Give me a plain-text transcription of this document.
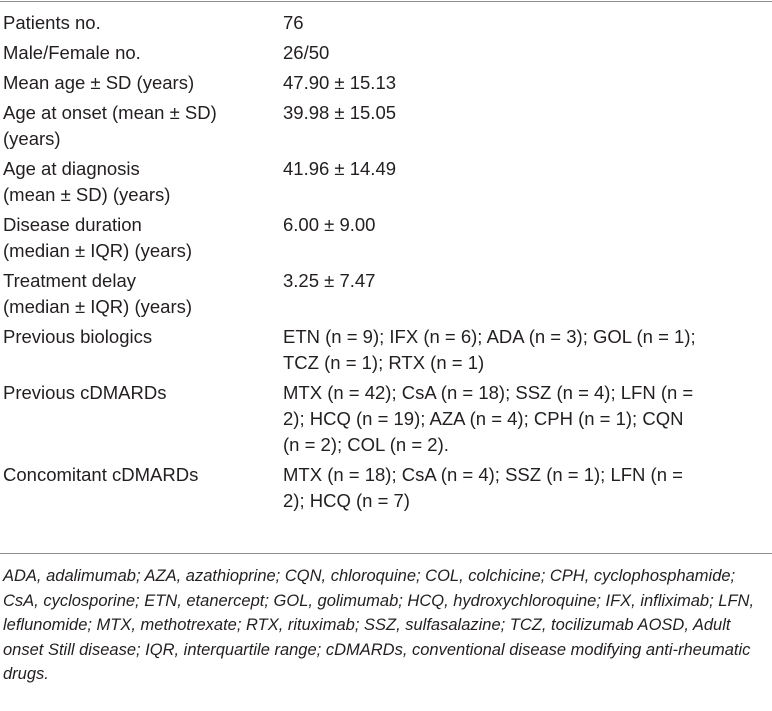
Patients no.	76
Male/Female no.	26/50
Mean age ± SD (years)	47.90 ± 15.13
Age at onset (mean ± SD)
(years)	39.98 ± 15.05
Age at diagnosis
(mean ± SD) (years)	41.96 ± 14.49
Disease duration
(median ± IQR) (years)	6.00 ± 9.00
Treatment delay
(median ± IQR) (years)	3.25 ± 7.47
Previous biologics	ETN (n = 9); IFX (n = 6); ADA (n = 3); GOL (n = 1);
TCZ (n = 1); RTX (n = 1)
Previous cDMARDs	MTX (n = 42); CsA (n = 18); SSZ (n = 4); LFN (n =
2); HCQ (n = 19); AZA (n = 4); CPH (n = 1); CQN
(n = 2); COL (n = 2).
Concomitant cDMARDs	MTX (n = 18); CsA (n = 4); SSZ (n = 1); LFN (n =
2); HCQ (n = 7)

ADA, adalimumab; AZA, azathioprine; CQN, chloroquine; COL, colchicine; CPH, cyclophosphamide; CsA, cyclosporine; ETN, etanercept; GOL, golimumab; HCQ, hydroxychloroquine; IFX, infliximab; LFN, leflunomide; MTX, methotrexate; RTX, rituximab; SSZ, sulfasalazine; TCZ, tocilizumab AOSD, Adult onset Still disease; IQR, interquartile range; cDMARDs, conventional disease modifying anti-rheumatic drugs.
